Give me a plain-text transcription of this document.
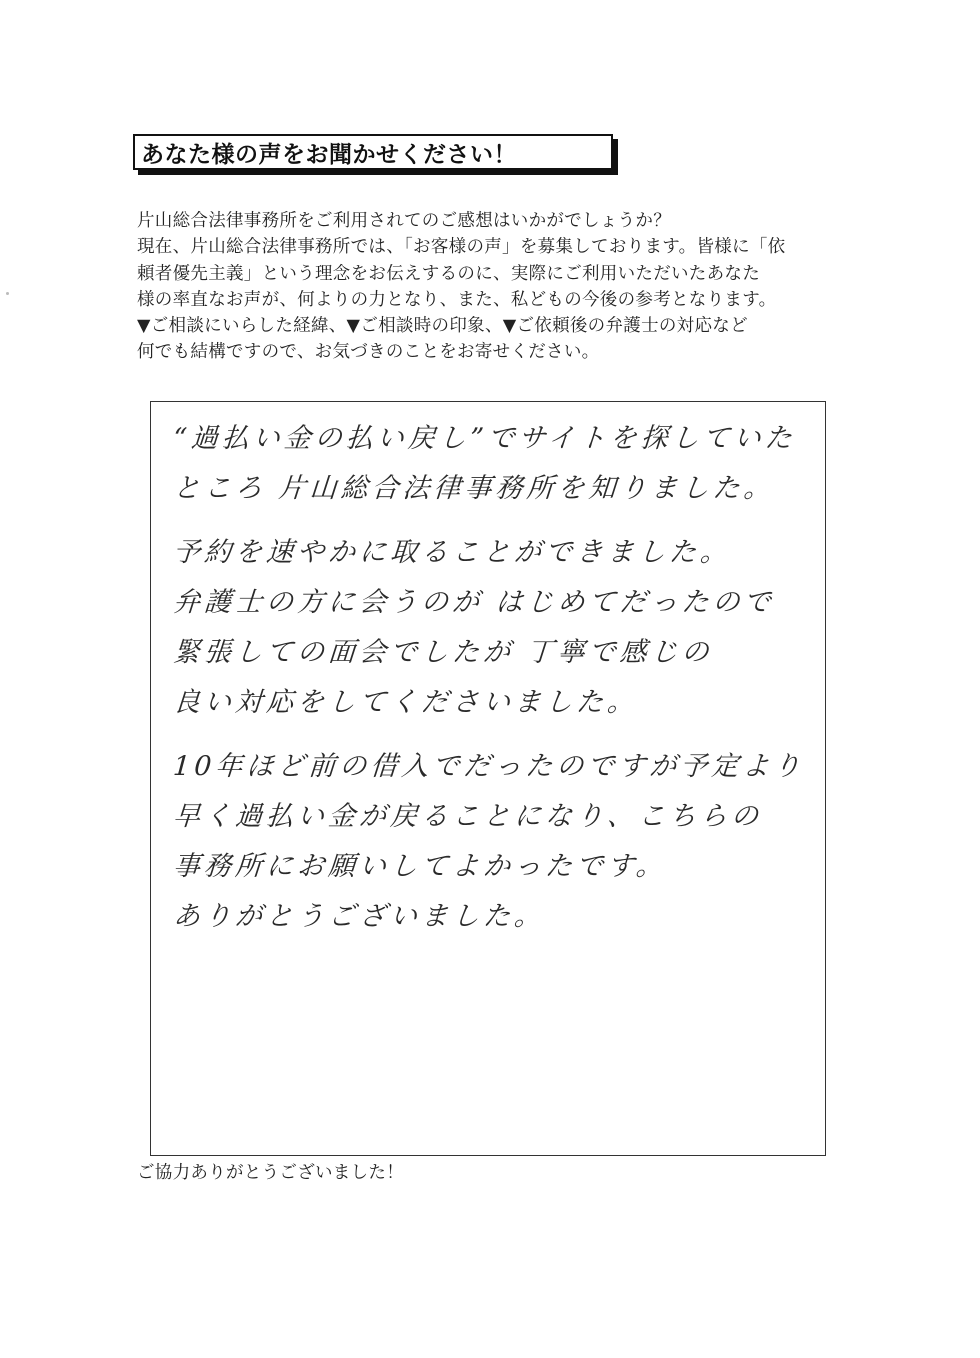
あなた様の声をお聞かせください！
片山総合法律事務所をご利用されてのご感想はいかがでしょうか？
現在、片山総合法律事務所では、「お客様の声」を募集しております。皆様に「依
頼者優先主義」という理念をお伝えするのに、実際にご利用いただいたあなた
様の率直なお声が、何よりの力となり、また、私どもの今後の参考となります。
▼ご相談にいらした経緯、▼ご相談時の印象、▼ご依頼後の弁護士の対応など
何でも結構ですので、お気づきのことをお寄せください。
“過払い金の払い戻し”でサイトを探していた
ところ 片山総合法律事務所を知りました。
予約を速やかに取ることができました。
弁護士の方に会うのが はじめてだったので
緊張しての面会でしたが 丁寧で感じの
良い対応をしてくださいました。
10年ほど前の借入でだったのですが予定より
早く過払い金が戻ることになり、こちらの
事務所にお願いしてよかったです。
ありがとうございました。
ご協力ありがとうございました！
